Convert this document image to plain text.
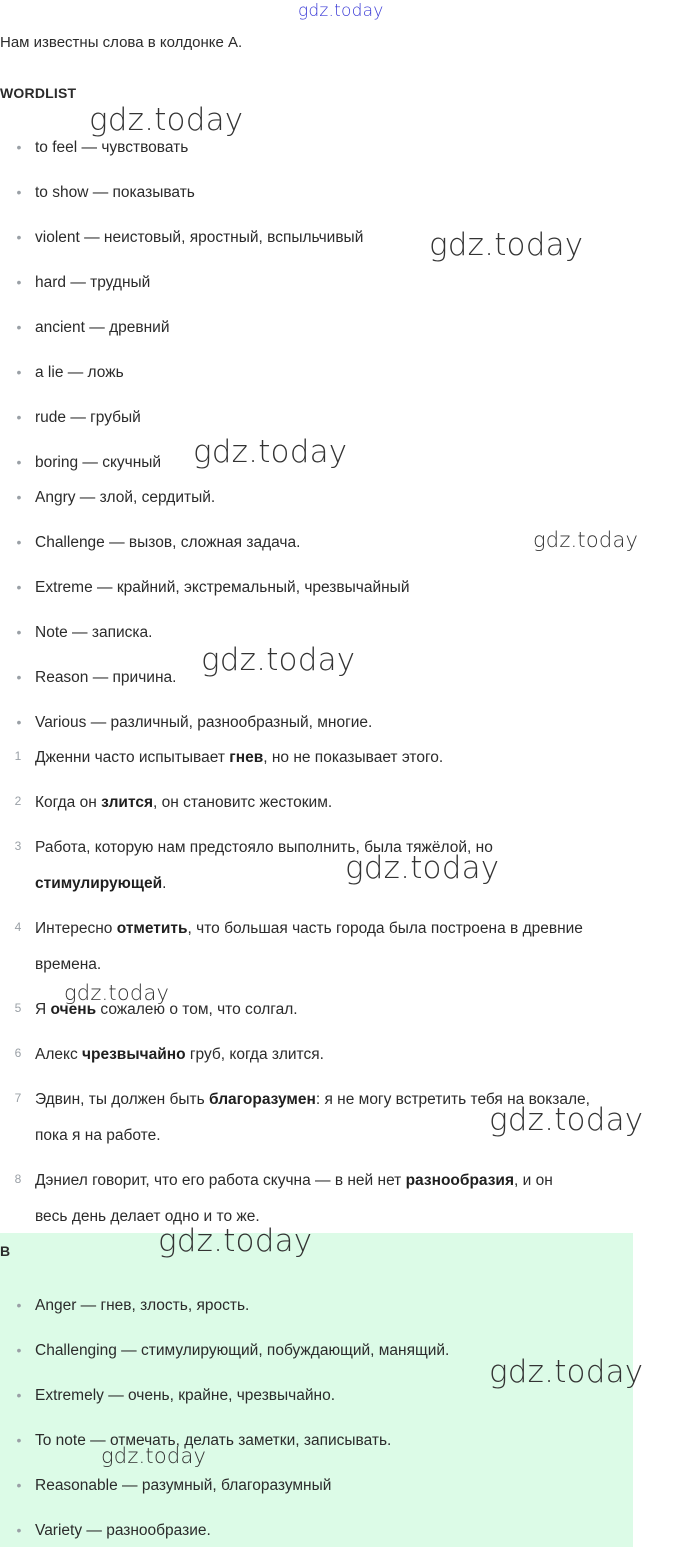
Нам известны слова в колдонке А.
WORDLIST
• to feel — чувствовать
• to show — показывать
• violent — неистовый, яростный, вспыльчивый
• hard — трудный
• ancient — древний
• a lie — ложь
• rude — грубый
• boring — скучный
• Angry — злой, сердитый.
• Challenge — вызов, сложная задача.
• Extreme — крайний, экстремальный, чрезвычайный
• Note — записка.
• Reason — причина.
• Various — различный, разнообразный, многие.
1 Дженни часто испытывает гнев, но не показывает этого.
2 Когда он злится, он становитс жестоким.
3 Работа, которую нам предстояло выполнить, была тяжёлой, но
стимулирующей.
4 Интересно отметить, что большая часть города была построена в древние
времена.
5 Я очень сожалею о том, что солгал.
6 Алекс чрезвычайно груб, когда злится.
7 Эдвин, ты должен быть благоразумен: я не могу встретить тебя на вокзале,
пока я на работе.
8 Дэниел говорит, что его работа скучна — в ней нет разнообразия, и он
весь день делает одно и то же.
B
• Anger — гнев, злость, ярость.
• Challenging — стимулирующий, побуждающий, манящий.
• Extremely — очень, крайне, чрезвычайно.
• To note — отмечать, делать заметки, записывать.
• Reasonable — разумный, благоразумный
• Variety — разнообразие.
gdz.today
gdz.today
gdz.today
gdz.today
gdz.today
gdz.today
gdz.today
gdz.today
gdz.today
gdz.today
gdz.today
gdz.today
